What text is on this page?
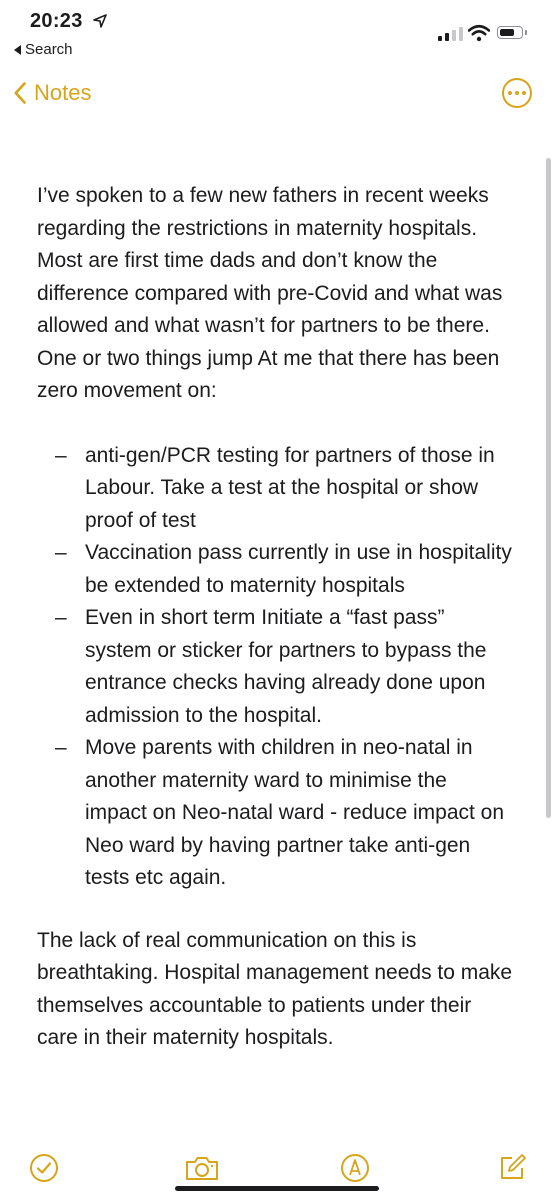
20:23
Search
Notes

I’ve spoken to a few new fathers in recent weeks regarding the restrictions in maternity hospitals. Most are first time dads and don’t know the difference compared with pre-Covid and what was allowed and what wasn’t for partners to be there. One or two things jump At me that there has been zero movement on:

– anti-gen/PCR testing for partners of those in Labour. Take a test at the hospital or show proof of test
– Vaccination pass currently in use in hospitality be extended to maternity hospitals
– Even in short term Initiate a “fast pass” system or sticker for partners to bypass the entrance checks having already done upon admission to the hospital.
– Move parents with children in neo-natal in another maternity ward to minimise the impact on Neo-natal ward - reduce impact on Neo ward by having partner take anti-gen tests etc again.

The lack of real communication on this is breathtaking. Hospital management needs to make themselves accountable to patients under their care in their maternity hospitals.
